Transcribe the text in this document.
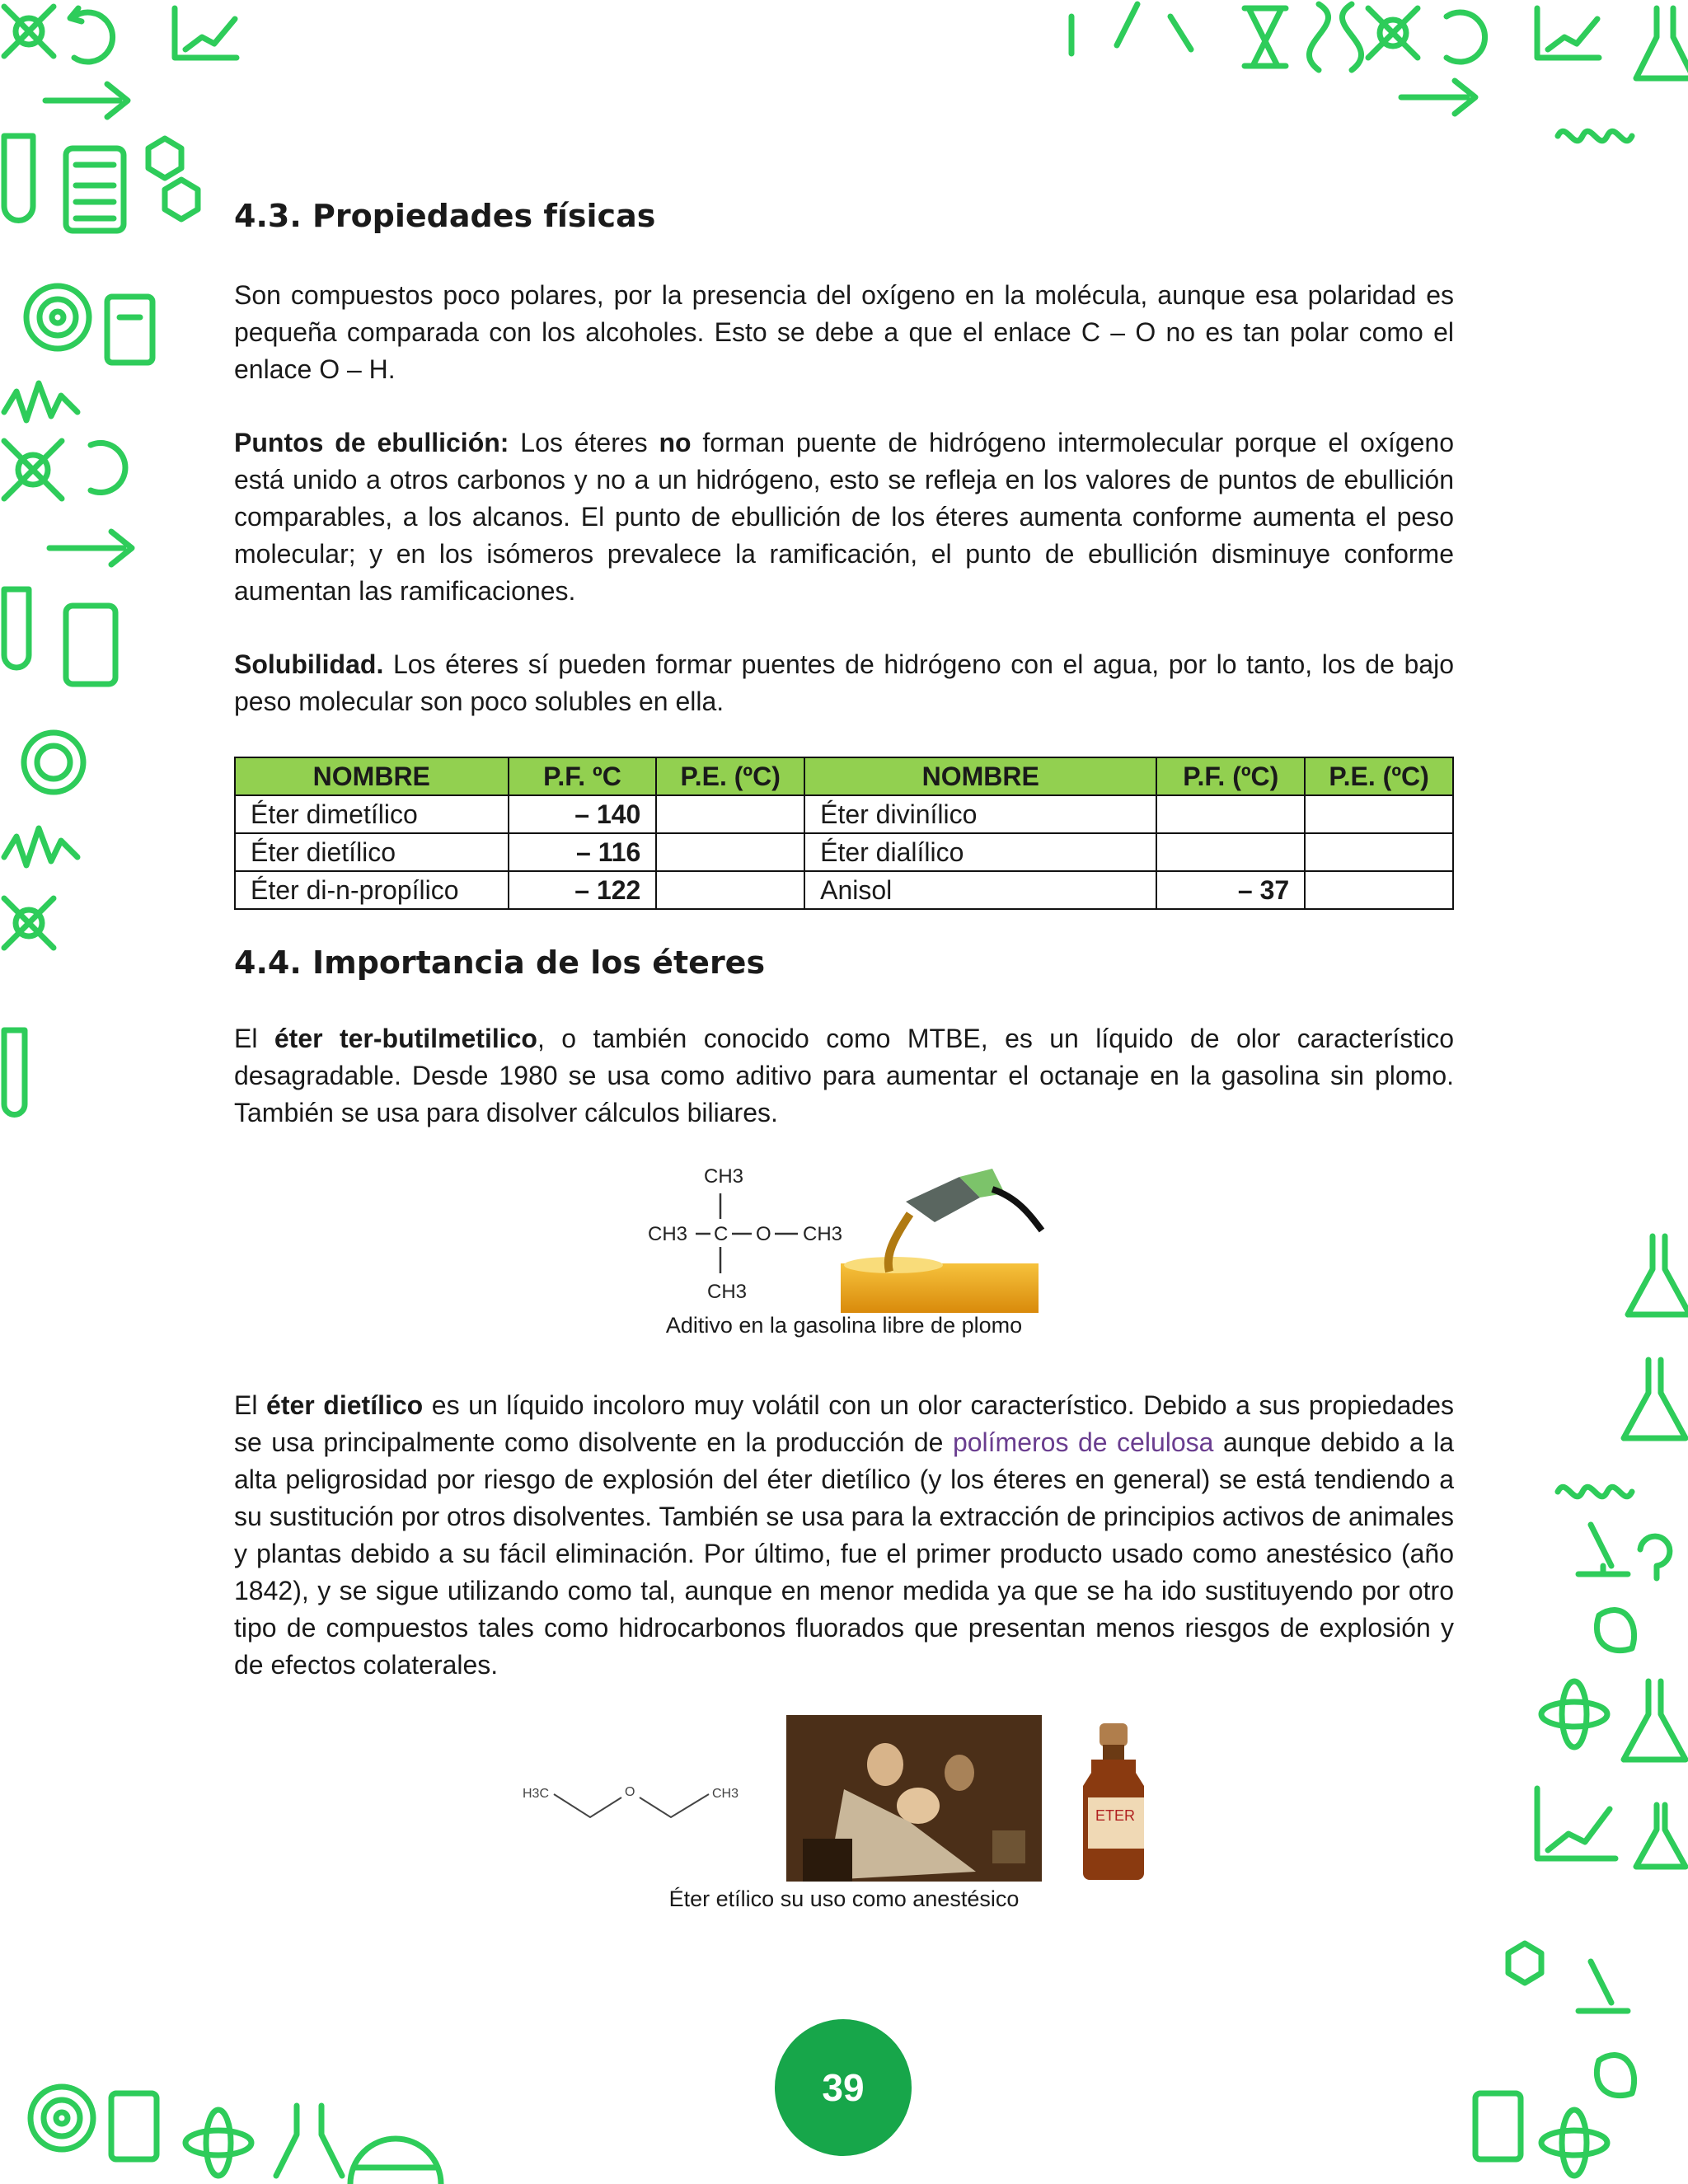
4.3. Propiedades físicas

Son compuestos poco polares, por la presencia del oxígeno en la molécula, aunque esa polaridad es pequeña comparada con los alcoholes. Esto se debe a que el enlace C – O no es tan polar como el enlace O – H.

Puntos de ebullición: Los éteres no forman puente de hidrógeno intermolecular porque el oxígeno está unido a otros carbonos y no a un hidrógeno, esto se refleja en los valores de puntos de ebullición comparables, a los alcanos. El punto de ebullición de los éteres aumenta conforme aumenta el peso molecular; y en los isómeros prevalece la ramificación, el punto de ebullición disminuye conforme aumentan las ramificaciones.

Solubilidad. Los éteres sí pueden formar puentes de hidrógeno con el agua, por lo tanto, los de bajo peso molecular son poco solubles en ella.

NOMBRE	P.F. ºC	P.E. (ºC)	NOMBRE	P.F. (ºC)	P.E. (ºC)
Éter dimetílico	– 140		Éter divinílico		
Éter dietílico	– 116		Éter dialílico		
Éter di-n-propílico	– 122		Anisol	– 37	
4.4. Importancia de los éteres

El éter ter-butilmetilico, o también conocido como MTBE, es un líquido de olor característico desagradable. Desde 1980 se usa como aditivo para aumentar el octanaje en la gasolina sin plomo. También se usa para disolver cálculos biliares.

CH3
CH3 C O CH3
CH3
Aditivo en la gasolina libre de plomo

El éter dietílico es un líquido incoloro muy volátil con un olor característico. Debido a sus propiedades se usa principalmente como disolvente en la producción de polímeros de celulosa aunque debido a la alta peligrosidad por riesgo de explosión del éter dietílico (y los éteres en general) se está tendiendo a su sustitución por otros disolventes. También se usa para la extracción de principios activos de animales y plantas debido a su fácil eliminación. Por último, fue el primer producto usado como anestésico (año 1842), y se sigue utilizando como tal, aunque en menor medida ya que se ha ido sustituyendo por otro tipo de compuestos tales como hidrocarbonos fluorados que presentan menos riesgos de explosión y de efectos colaterales.

H3C	O	CH3
ETER
Éter etílico su uso como anestésico
39
